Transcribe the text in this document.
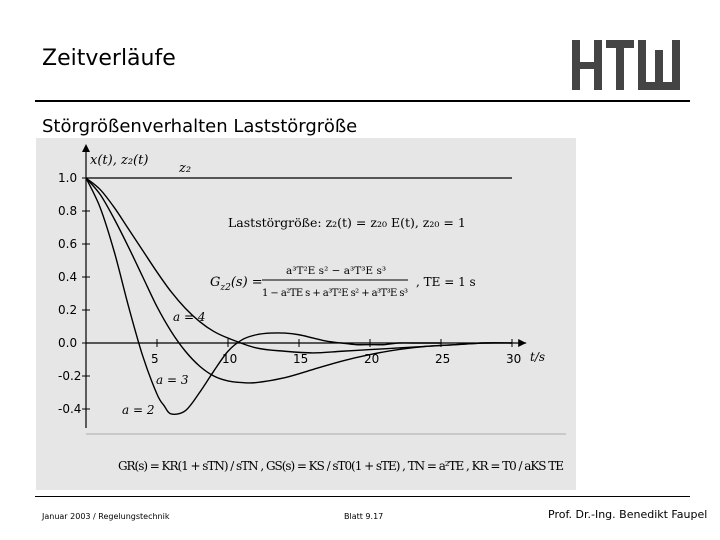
Zeitverläufe
Störgrößenverhalten Laststörgröße
1.0
0.8
0.6
0.4
0.2
0.0
-0.2
-0.4
5	10	15	20	25	30
x(t), z₂(t)
t/s
z₂
Laststörgröße: z₂(t) = z₂₀ E(t), z₂₀ = 1
$G_{z2}(s)$ =
a³T²E s² − a³T³E s³
1 − a²TE s + a³T²E s² + a³T³E s³
, TE = 1 s
a = 4
a = 3
a = 2
GR(s) = KR(1 + sTN) / sTN , GS(s) = KS / sT0(1 + sTE) , TN = a²TE , KR = T0 / aKS TE
Januar 2003 / Regelungstechnik	Blatt 9.17	Prof. Dr.-Ing. Benedikt Faupel
